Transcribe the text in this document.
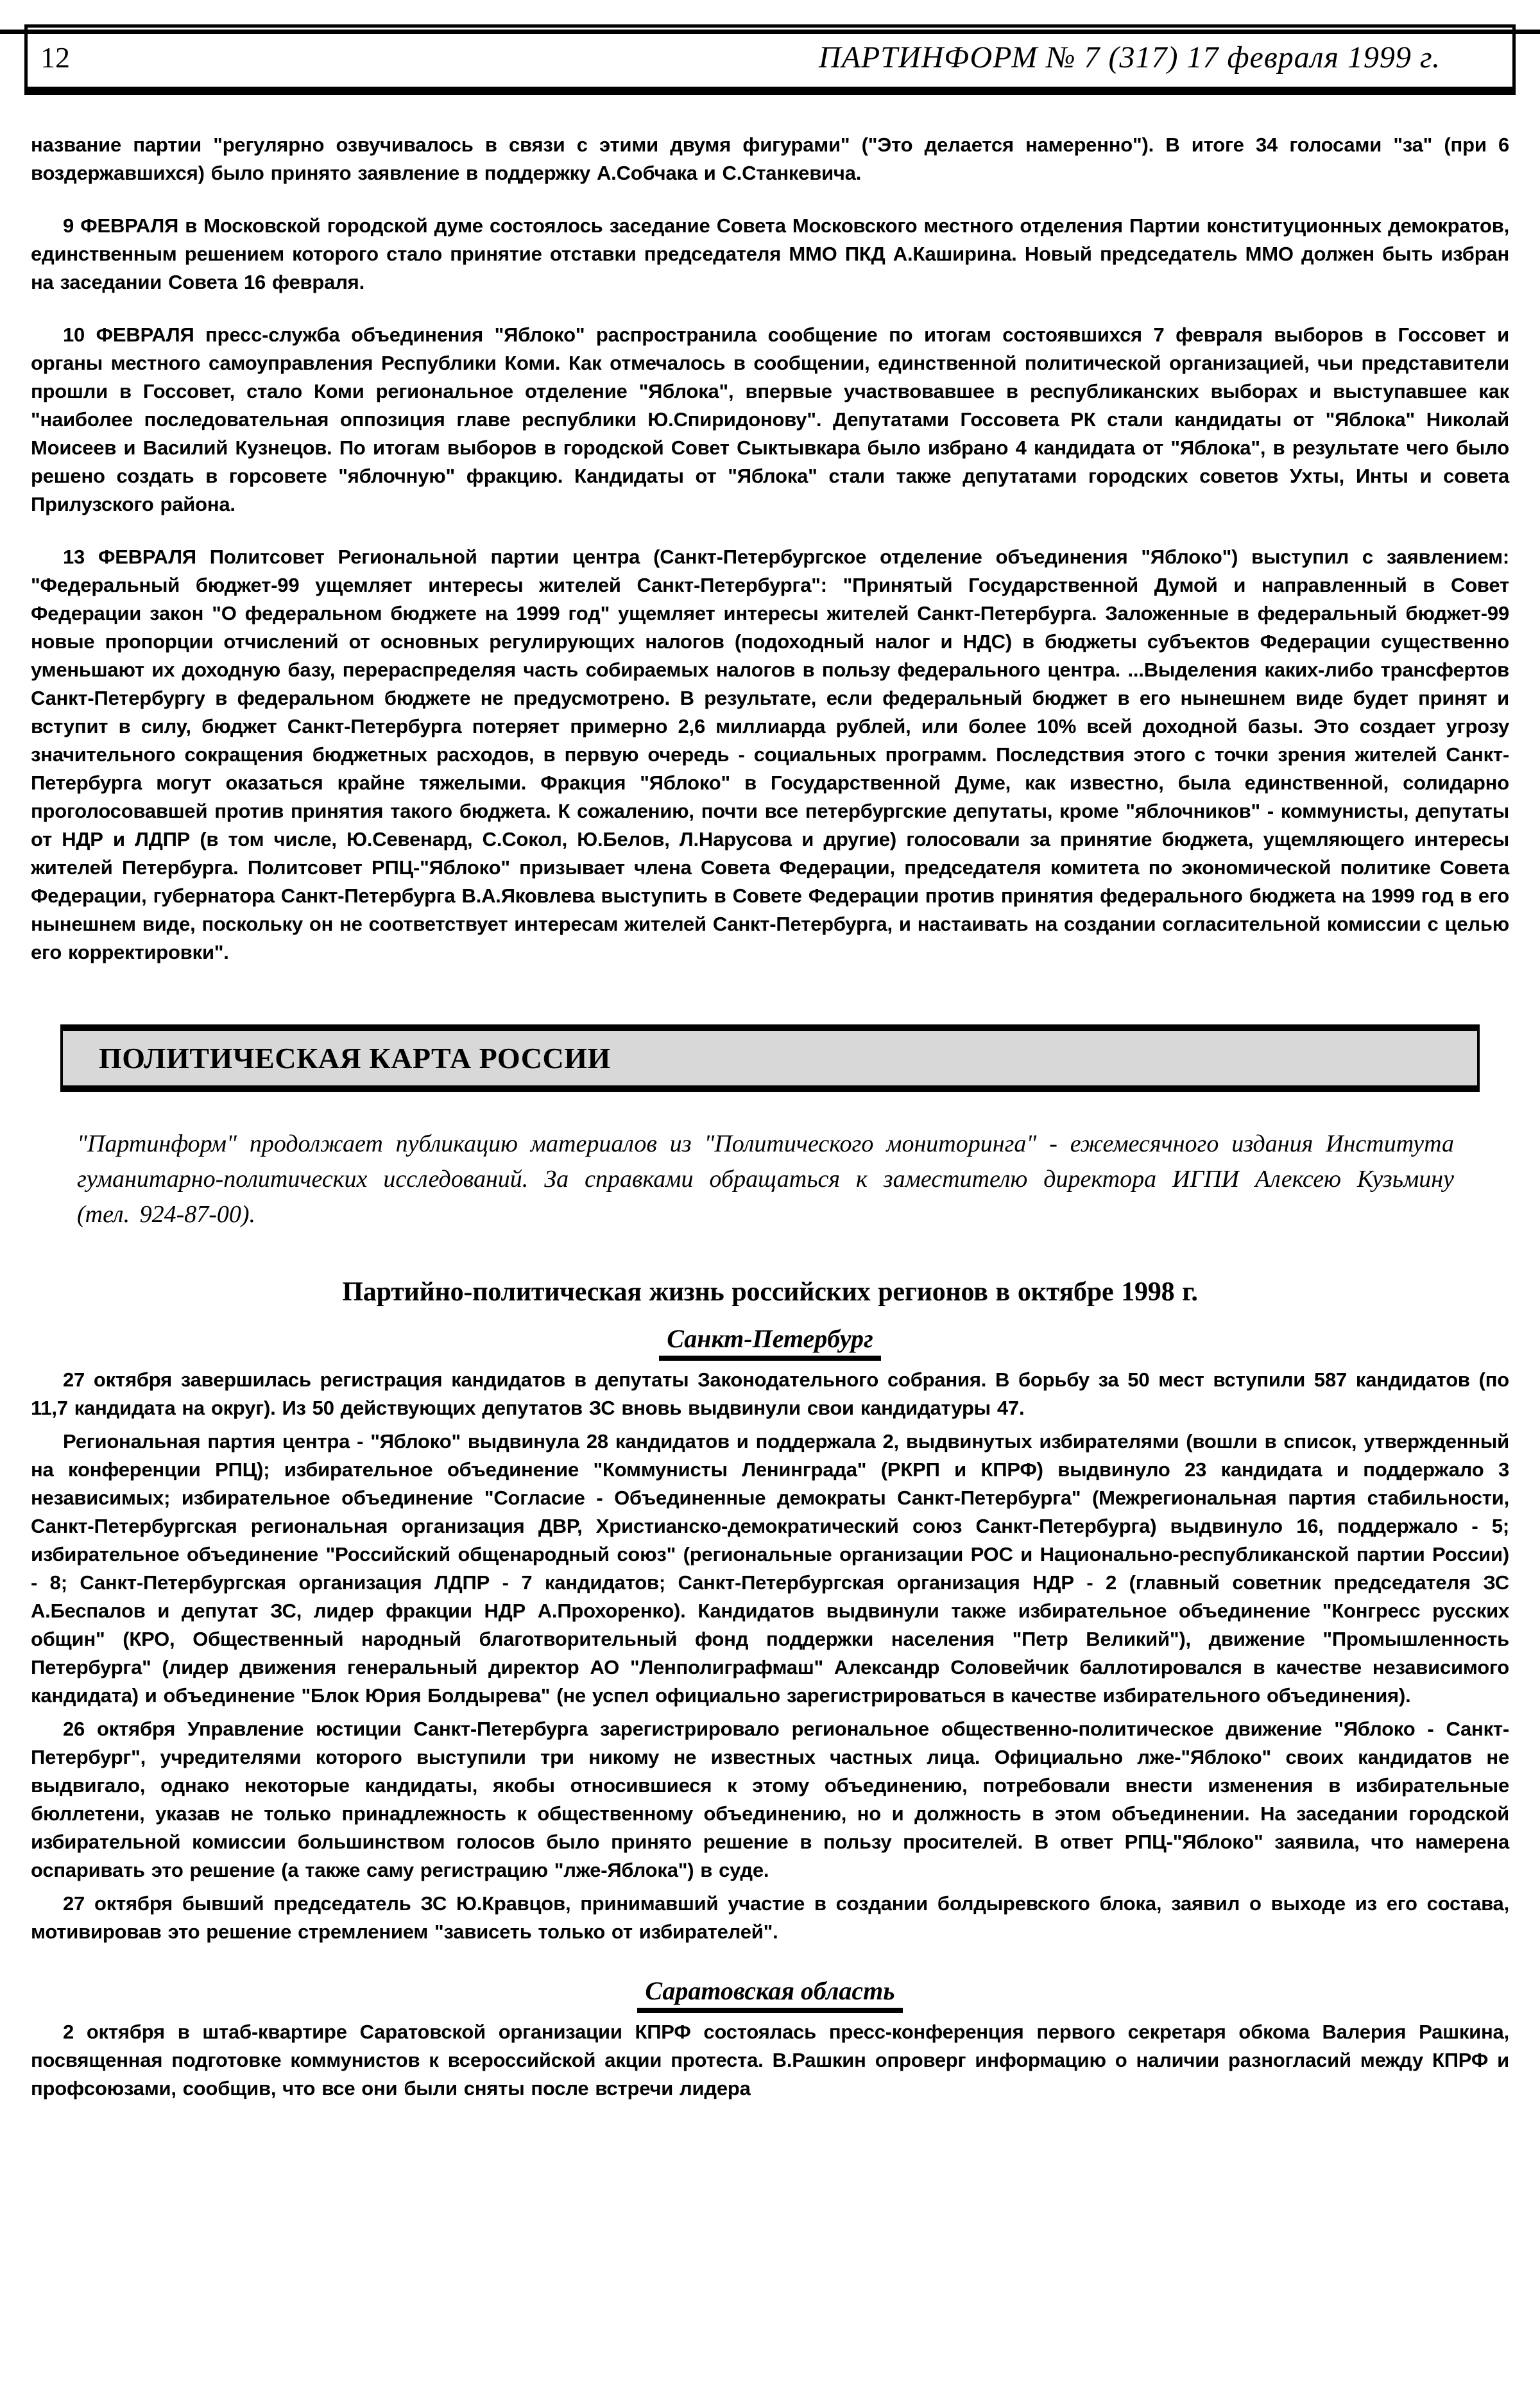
12	ПАРТИНФОРМ № 7 (317) 17 февраля 1999 г.

название партии "регулярно озвучивалось в связи с этими двумя фигурами" ("Это делается намеренно"). В итоге 34 голосами "за" (при 6 воздержавшихся) было принято заявление в поддержку А.Собчака и С.Станкевича.

9 ФЕВРАЛЯ в Московской городской думе состоялось заседание Совета Московского местного отделения Партии конституционных демократов, единственным решением которого стало принятие отставки председателя ММО ПКД А.Каширина. Новый председатель ММО должен быть избран на заседании Совета 16 февраля.

10 ФЕВРАЛЯ пресс-служба объединения "Яблоко" распространила сообщение по итогам состоявшихся 7 февраля выборов в Госсовет и органы местного самоуправления Республики Коми. Как отмечалось в сообщении, единственной политической организацией, чьи представители прошли в Госсовет, стало Коми региональное отделение "Яблока", впервые участвовавшее в республиканских выборах и выступавшее как "наиболее последовательная оппозиция главе республики Ю.Спиридонову". Депутатами Госсовета РК стали кандидаты от "Яблока" Николай Моисеев и Василий Кузнецов. По итогам выборов в городской Совет Сыктывкара было избрано 4 кандидата от "Яблока", в результате чего было решено создать в горсовете "яблочную" фракцию. Кандидаты от "Яблока" стали также депутатами городских советов Ухты, Инты и совета Прилузского района.

13 ФЕВРАЛЯ Политсовет Региональной партии центра (Санкт-Петербургское отделение объединения "Яблоко") выступил с заявлением: "Федеральный бюджет-99 ущемляет интересы жителей Санкт-Петербурга": "Принятый Государственной Думой и направленный в Совет Федерации закон "О федеральном бюджете на 1999 год" ущемляет интересы жителей Санкт-Петербурга. Заложенные в федеральный бюджет-99 новые пропорции отчислений от основных регулирующих налогов (подоходный налог и НДС) в бюджеты субъектов Федерации существенно уменьшают их доходную базу, перераспределяя часть собираемых налогов в пользу федерального центра. ...Выделения каких-либо трансфертов Санкт-Петербургу в федеральном бюджете не предусмотрено. В результате, если федеральный бюджет в его нынешнем виде будет принят и вступит в силу, бюджет Санкт-Петербурга потеряет примерно 2,6 миллиарда рублей, или более 10% всей доходной базы. Это создает угрозу значительного сокращения бюджетных расходов, в первую очередь - социальных программ. Последствия этого с точки зрения жителей Санкт-Петербурга могут оказаться крайне тяжелыми. Фракция "Яблоко" в Государственной Думе, как известно, была единственной, солидарно проголосовавшей против принятия такого бюджета. К сожалению, почти все петербургские депутаты, кроме "яблочников" - коммунисты, депутаты от НДР и ЛДПР (в том числе, Ю.Севенард, С.Сокол, Ю.Белов, Л.Нарусова и другие) голосовали за принятие бюджета, ущемляющего интересы жителей Петербурга. Политсовет РПЦ-"Яблоко" призывает члена Совета Федерации, председателя комитета по экономической политике Совета Федерации, губернатора Санкт-Петербурга В.А.Яковлева выступить в Совете Федерации против принятия федерального бюджета на 1999 год в его нынешнем виде, поскольку он не соответствует интересам жителей Санкт-Петербурга, и настаивать на создании согласительной комиссии с целью его корректировки".

ПОЛИТИЧЕСКАЯ КАРТА РОССИИ

"Партинформ" продолжает публикацию материалов из "Политического мониторинга" - ежемесячного издания Института гуманитарно-политических исследований. За справками обращаться к заместителю директора ИГПИ Алексею Кузьмину (тел. 924-87-00).

Партийно-политическая жизнь российских регионов в октябре 1998 г.
Санкт-Петербург

27 октября завершилась регистрация кандидатов в депутаты Законодательного собрания. В борьбу за 50 мест вступили 587 кандидатов (по 11,7 кандидата на округ). Из 50 действующих депутатов ЗС вновь выдвинули свои кандидатуры 47.

Региональная партия центра - "Яблоко" выдвинула 28 кандидатов и поддержала 2, выдвинутых избирателями (вошли в список, утвержденный на конференции РПЦ); избирательное объединение "Коммунисты Ленинграда" (РКРП и КПРФ) выдвинуло 23 кандидата и поддержало 3 независимых; избирательное объединение "Согласие - Объединенные демократы Санкт-Петербурга" (Межрегиональная партия стабильности, Санкт-Петербургская региональная организация ДВР, Христианско-демократический союз Санкт-Петербурга) выдвинуло 16, поддержало - 5; избирательное объединение "Российский общенародный союз" (региональные организации РОС и Национально-республиканской партии России) - 8; Санкт-Петербургская организация ЛДПР - 7 кандидатов; Санкт-Петербургская организация НДР - 2 (главный советник председателя ЗС А.Беспалов и депутат ЗС, лидер фракции НДР А.Прохоренко). Кандидатов выдвинули также избирательное объединение "Конгресс русских общин" (КРО, Общественный народный благотворительный фонд поддержки населения "Петр Великий"), движение "Промышленность Петербурга" (лидер движения генеральный директор АО "Ленполиграфмаш" Александр Соловейчик баллотировался в качестве независимого кандидата) и объединение "Блок Юрия Болдырева" (не успел официально зарегистрироваться в качестве избирательного объединения).

26 октября Управление юстиции Санкт-Петербурга зарегистрировало региональное общественно-политическое движение "Яблоко - Санкт-Петербург", учредителями которого выступили три никому не известных частных лица. Официально лже-"Яблоко" своих кандидатов не выдвигало, однако некоторые кандидаты, якобы относившиеся к этому объединению, потребовали внести изменения в избирательные бюллетени, указав не только принадлежность к общественному объединению, но и должность в этом объединении. На заседании городской избирательной комиссии большинством голосов было принято решение в пользу просителей. В ответ РПЦ-"Яблоко" заявила, что намерена оспаривать это решение (а также саму регистрацию "лже-Яблока") в суде.

27 октября бывший председатель ЗС Ю.Кравцов, принимавший участие в создании болдыревского блока, заявил о выходе из его состава, мотивировав это решение стремлением "зависеть только от избирателей".

Саратовская область

2 октября в штаб-квартире Саратовской организации КПРФ состоялась пресс-конференция первого секретаря обкома Валерия Рашкина, посвященная подготовке коммунистов к всероссийской акции протеста. В.Рашкин опроверг информацию о наличии разногласий между КПРФ и профсоюзами, сообщив, что все они были сняты после встречи лидера
